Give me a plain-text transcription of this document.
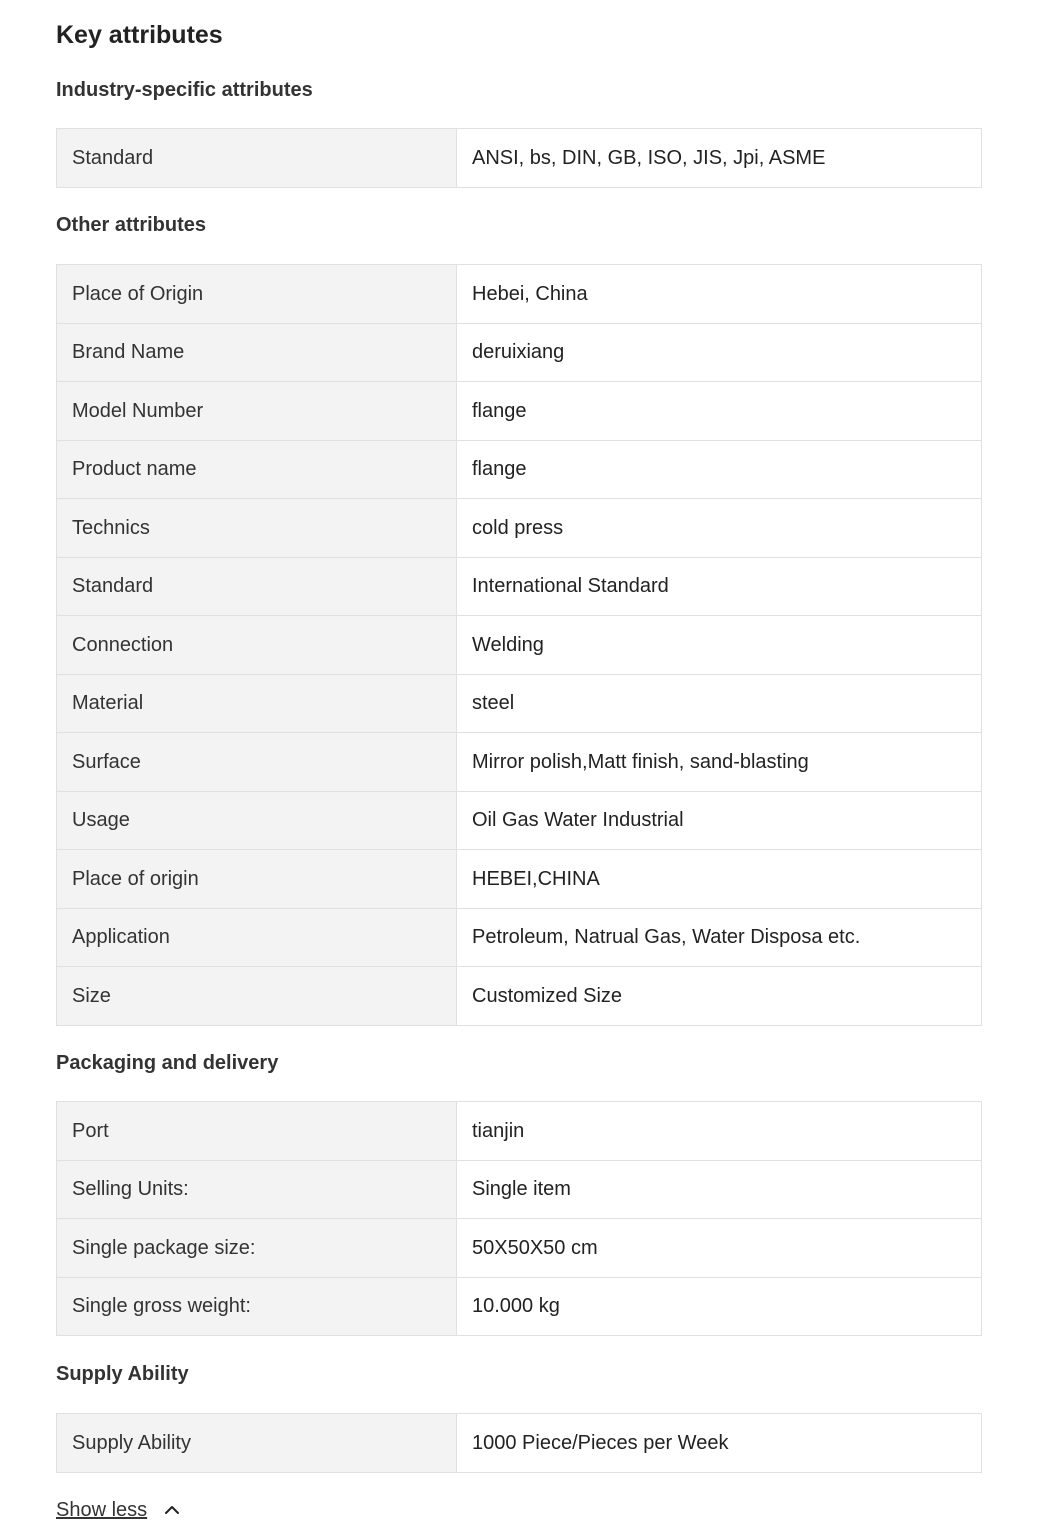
Key attributes
Industry-specific attributes
Standard	ANSI, bs, DIN, GB, ISO, JIS, Jpi, ASME
Other attributes
Place of Origin	Hebei, China
Brand Name	deruixiang
Model Number	flange
Product name	flange
Technics	cold press
Standard	International Standard
Connection	Welding
Material	steel
Surface	Mirror polish,Matt finish, sand-blasting
Usage	Oil Gas Water Industrial
Place of origin	HEBEI,CHINA
Application	Petroleum, Natrual Gas, Water Disposa etc.
Size	Customized Size
Packaging and delivery
Port	tianjin
Selling Units:	Single item
Single package size:	50X50X50 cm
Single gross weight:	10.000 kg
Supply Ability
Supply Ability	1000 Piece/Pieces per Week
Show less
